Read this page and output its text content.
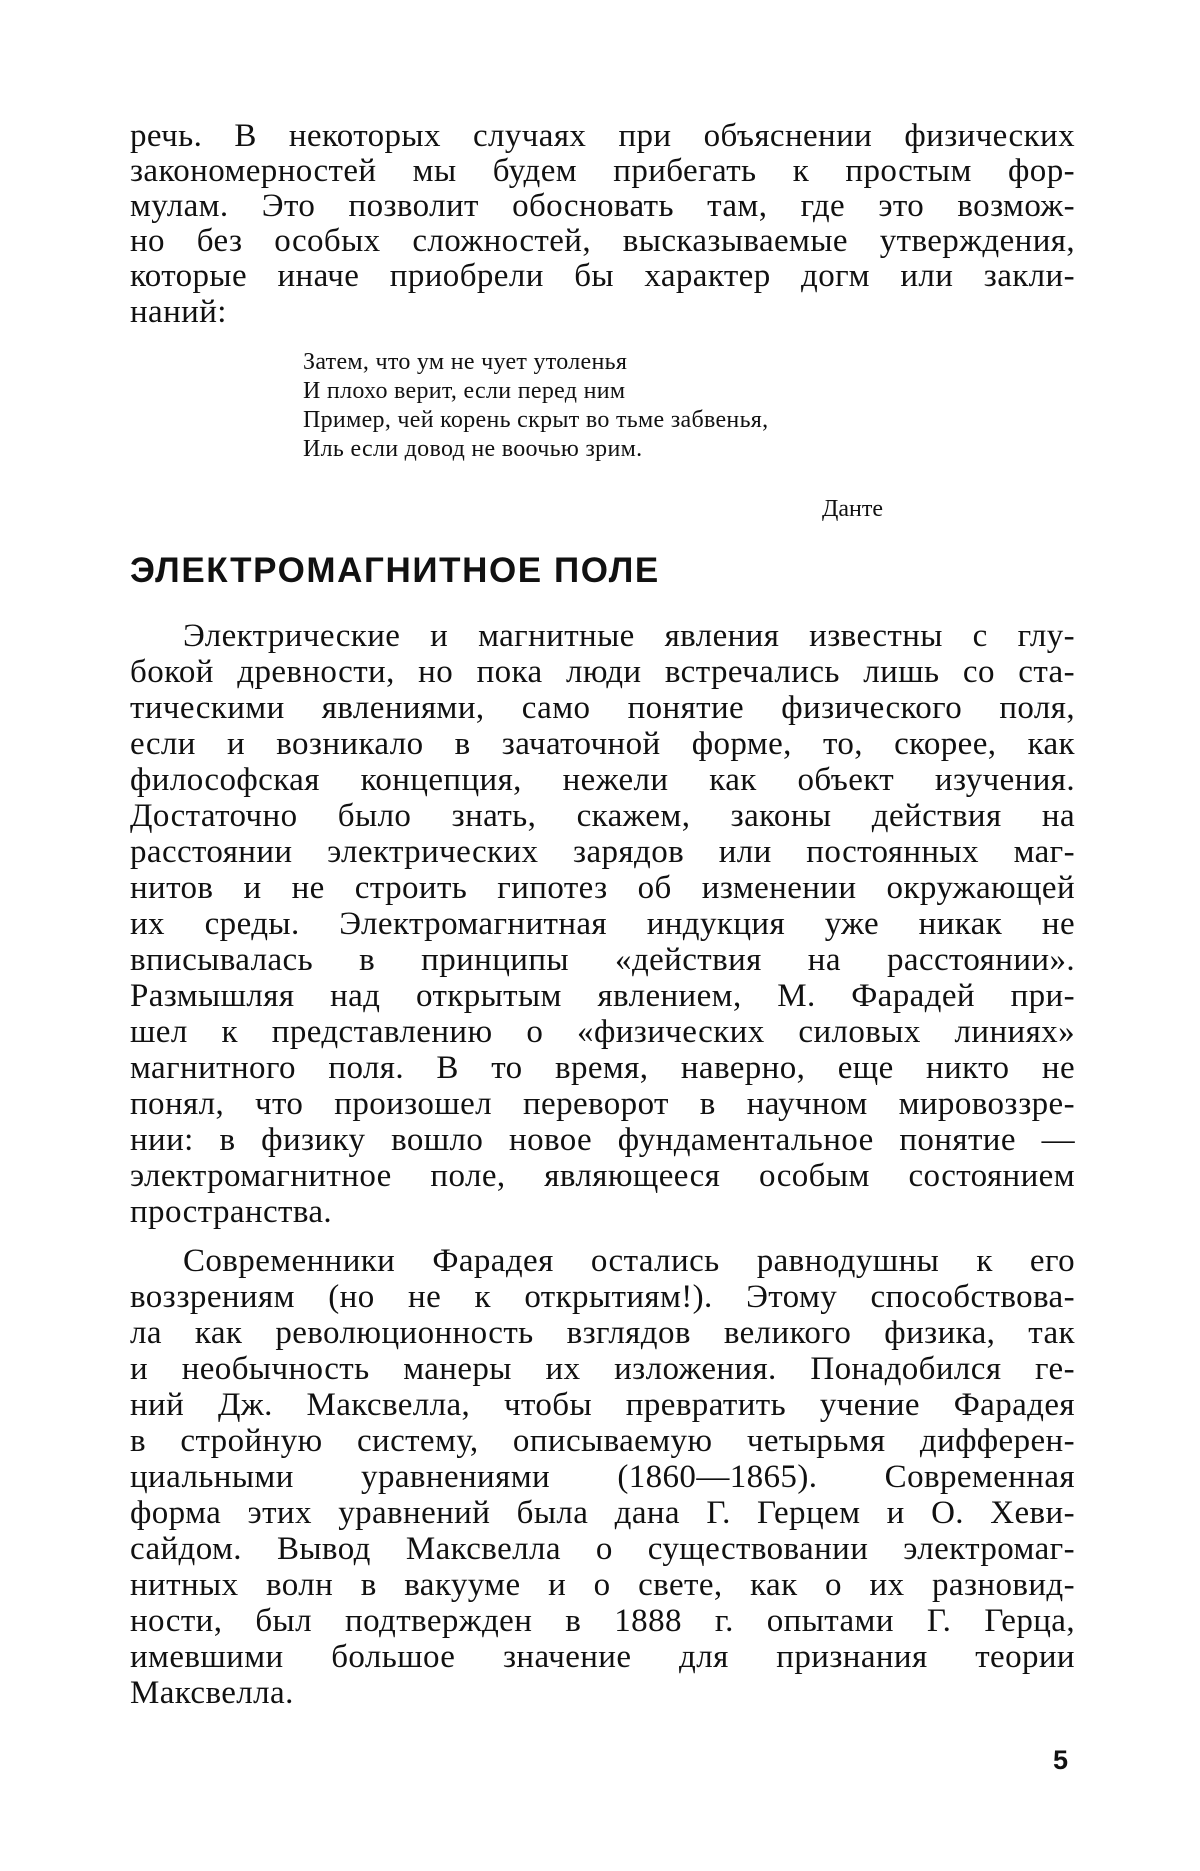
речь. В некоторых случаях при объяснении физических
закономерностей мы будем прибегать к простым фор-
мулам. Это позволит обосновать там, где это возмож-
но без особых сложностей, высказываемые утверждения,
которые иначе приобрели бы характер догм или закли-
наний:
Затем, что ум не чует утоленья
И плохо верит, если перед ним
Пример, чей корень скрыт во тьме забвенья,
Иль если довод не воочью зрим.
Данте
ЭЛЕКТРОМАГНИТНОЕ ПОЛЕ
Электрические и магнитные явления известны с глу-
бокой древности, но пока люди встречались лишь со ста-
тическими явлениями, само понятие физического поля,
если и возникало в зачаточной форме, то, скорее, как
философская концепция, нежели как объект изучения.
Достаточно было знать, скажем, законы действия на
расстоянии электрических зарядов или постоянных маг-
нитов и не строить гипотез об изменении окружающей
их среды. Электромагнитная индукция уже никак не
вписывалась в принципы «действия на расстоянии».
Размышляя над открытым явлением, М. Фарадей при-
шел к представлению о «физических силовых линиях»
магнитного поля. В то время, наверно, еще никто не
понял, что произошел переворот в научном мировоззре-
нии: в физику вошло новое фундаментальное понятие —
электромагнитное поле, являющееся особым состоянием
пространства.
Современники Фарадея остались равнодушны к его
воззрениям (но не к открытиям!). Этому способствова-
ла как революционность взглядов великого физика, так
и необычность манеры их изложения. Понадобился ге-
ний Дж. Максвелла, чтобы превратить учение Фарадея
в стройную систему, описываемую четырьмя дифферен-
циальными уравнениями (1860—1865). Современная
форма этих уравнений была дана Г. Герцем и О. Хеви-
сайдом. Вывод Максвелла о существовании электромаг-
нитных волн в вакууме и о свете, как о их разновид-
ности, был подтвержден в 1888 г. опытами Г. Герца,
имевшими большое значение для признания теории
Максвелла.
5
